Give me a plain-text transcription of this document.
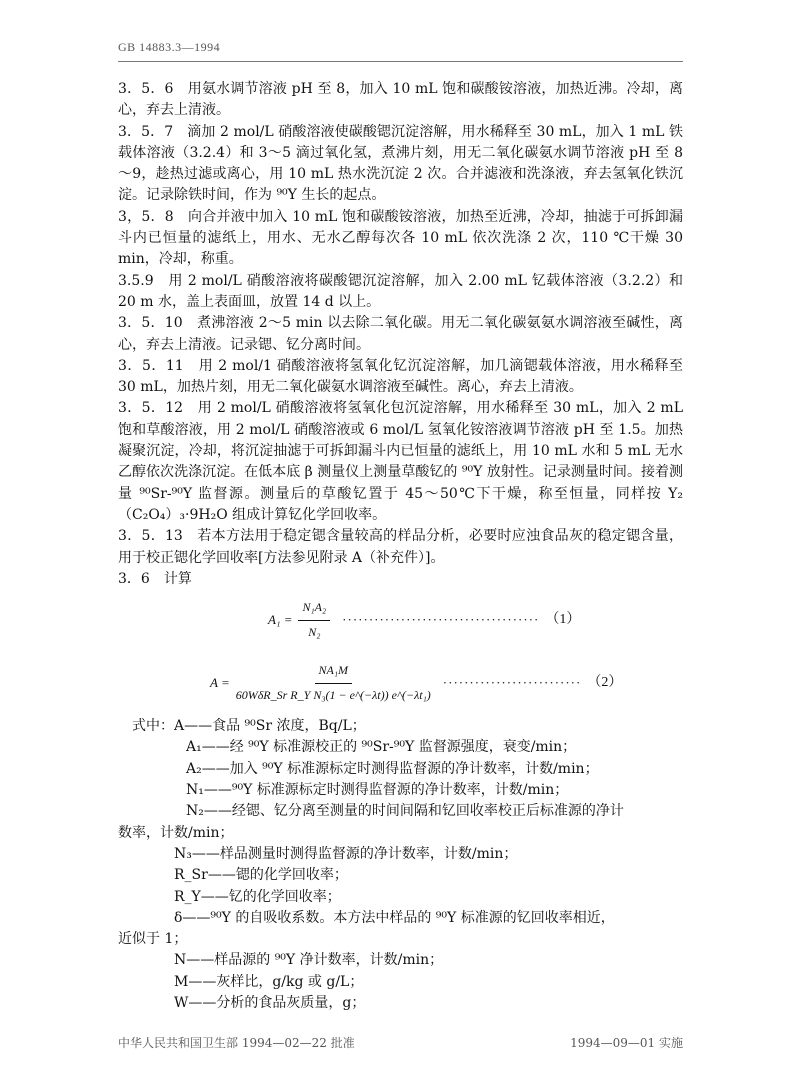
GB 14883.3—1994

3．5．6　用氨水调节溶液 pH 至 8，加入 10 mL 饱和碳酸铵溶液，加热近沸。冷却，离心，弃去上清液。

3．5．7　滴加 2 mol/L 硝酸溶液使碳酸锶沉淀溶解，用水稀释至 30 mL，加入 1 mL 铁载体溶液（3.2.4）和 3～5 滴过氧化氢，煮沸片刻，用无二氧化碳氨水调节溶液 pH 至 8～9，趁热过滤或离心，用 10 mL 热水洗沉淀 2 次。合并滤液和洗涤液，弃去氢氧化铁沉淀。记录除铁时间，作为 ⁹⁰Y 生长的起点。

3，5．8　向合并液中加入 10 mL 饱和碳酸铵溶液，加热至近沸，冷却，抽滤于可拆卸漏斗内已恒量的滤纸上，用水、无水乙醇每次各 10 mL 依次洗涤 2 次，110 ℃干燥 30 min，冷却，称重。

3.5.9　用 2 mol/L 硝酸溶液将碳酸锶沉淀溶解，加入 2.00 mL 钇载体溶液（3.2.2）和 20 m 水，盖上表面皿，放置 14 d 以上。

3．5．10　煮沸溶液 2～5 min 以去除二氧化碳。用无二氧化碳氨氨水调溶液至碱性，离心，弃去上清液。记录锶、钇分离时间。

3．5．11　用 2 mol/1 硝酸溶液将氢氧化钇沉淀溶解，加几滴锶载体溶液，用水稀释至 30 mL，加热片刻，用无二氧化碳氨水调溶液至碱性。离心，弃去上清液。

3．5．12　用 2 mol/L 硝酸溶液将氢氧化包沉淀溶解，用水稀释至 30 mL，加入 2 mL 饱和草酸溶液，用 2 mol/L 硝酸溶液或 6 mol/L 氢氧化铵溶液调节溶液 pH 至 1.5。加热凝聚沉淀，冷却，将沉淀抽滤于可拆卸漏斗内已恒量的滤纸上，用 10 mL 水和 5 mL 无水乙醇依次洗涤沉淀。在低本底 β 测量仪上测量草酸钇的 ⁹⁰Y 放射性。记录测量时间。接着测量 ⁹⁰Sr-⁹⁰Y 监督源。测量后的草酸钇置于 45～50℃下干燥，称至恒量，同样按 Y₂（C₂O₄）₃·9H₂O 组成计算钇化学回收率。

3．5．13　若本方法用于稳定锶含量较高的样品分析，必要时应浊食品灰的稳定锶含量，用于校正锶化学回收率[方法参见附录 A（补充件）]。

3．6　计算

$A_1 = \frac{\text{N₁A₂}}{\text{N₂}}$ ····································· （1）
$A = \frac{\text{NA₁M}}{\text{60WδR\_Sr R\_Y N₃(1 − e\textasciicircum{}(−λt)) e\textasciicircum{}(−λt₁)}}$ ·························· （2）

式中：A——食品 ⁹⁰Sr 浓度，Bq/L；

A₁——经 ⁹⁰Y 标准源校正的 ⁹⁰Sr-⁹⁰Y 监督源强度，衰变/min；

A₂——加入 ⁹⁰Y 标准源标定时测得监督源的净计数率，计数/min；

N₁——⁹⁰Y 标准源标定时测得监督源的净计数率，计数/min；

N₂——经锶、钇分离至测量的时间间隔和钇回收率校正后标准源的净计

数率，计数/min；

N₃——样品测量时测得监督源的净计数率，计数/min；

R_Sr——锶的化学回收率；

R_Y——钇的化学回收率；

δ——⁹⁰Y 的自吸收系数。本方法中样品的 ⁹⁰Y 标准源的钇回收率相近，

近似于 1；

N——样品源的 ⁹⁰Y 净计数率，计数/min；

M——灰样比，g/kg 或 g/L；

W——分析的食品灰质量，g；

中华人民共和国卫生部 1994—02—22 批准	1994—09—01 实施
